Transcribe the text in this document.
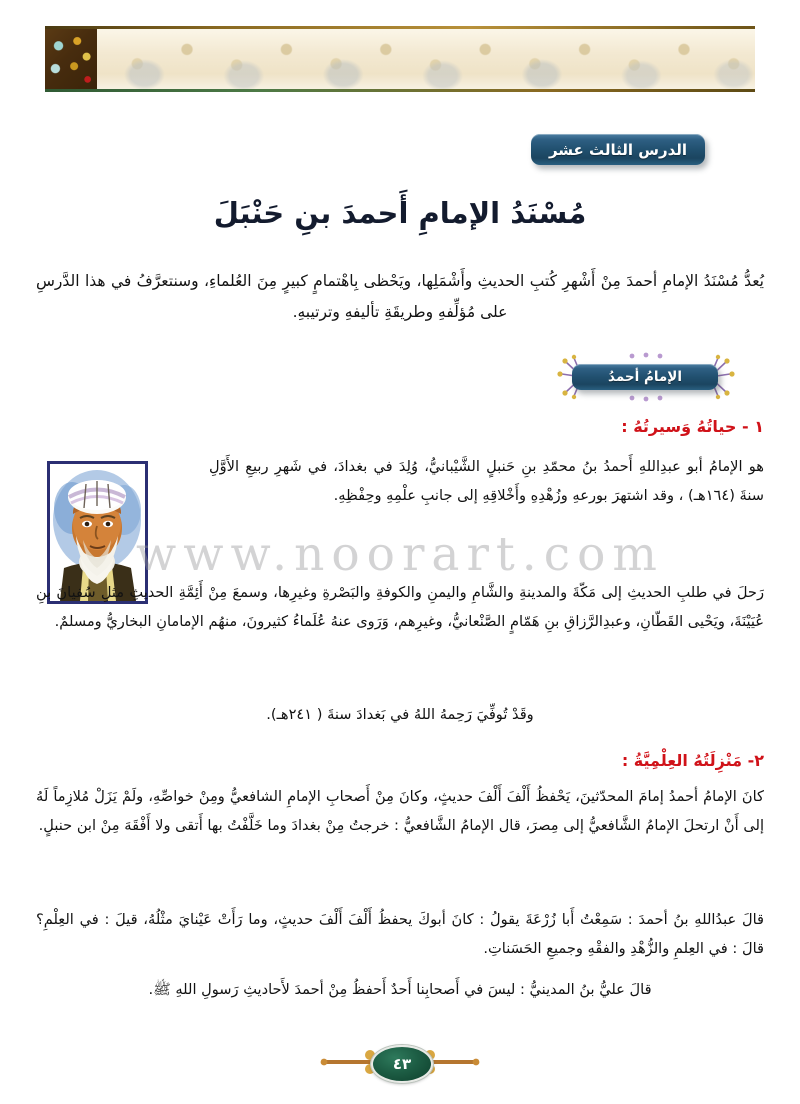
الدرس الثالث عشر
مُسْنَدُ الإمامِ أَحمدَ بنِ حَنْبَلَ
يُعدُّ مُسْنَدُ الإمامِ أحمدَ مِنْ أَشْهرِ كُتبِ الحديثِ وأَشْمَلِها، ويَحْظى بِاهْتمامٍ كبيرٍ مِنَ العُلماءِ، وسنتعرَّفُ في هذا الدَّرسِ على مُؤلِّفهِ وطريقَةِ تأليفهِ وترتيبهِ.
الإمامُ أحمدُ
١ - حياتُهُ وَسيرتُهُ :
هو الإمامُ أبو عبدِاللهِ أَحمدُ بنُ محمّدِ بنِ حَنبلٍ الشَّيْبانيُّ، وُلِدَ في بغدادَ، في شَهرِ ربيعِ الأَوَّلِ سنةَ (١٦٤هـ) ، وقد اشتهرَ بورعهِ وزُهْدِهِ وأَخْلاقِهِ إلى جانبِ علْمِهِ وحِفْظِهِ.
رَحلَ في طلبِ الحديثِ إلى مَكّةَ والمدينةِ والشَّامِ واليمنِ والكوفةِ والبَصْرةِ وغيرِها، وسمعَ مِنْ أَئِمَّةِ الحديثِ مثلِ سُفيانَ بنِ عُيَيْنَةَ، ويَحْيى القَطّانِ، وعبدِالرَّزاقِ بنِ هَمّامٍ الصَّنْعانيُّ، وغيرِهم، وَرَوى عنهُ عُلَماءُ كثيرونَ، منهُم الإمامانِ البخاريُّ ومسلمٌ.
وقَدْ تُوفِّيَ رَحِمهُ اللهُ في بَغدادَ سنةَ ( ٢٤١هـ).
٢- مَنْزِلَتُهُ العِلْمِيَّةُ :
كانَ الإمامُ أحمدُ إمامَ المحدّثينَ، يَحْفظُ أَلْفَ أَلْفَ حديثٍ، وكانَ مِنْ أَصحابِ الإمامِ الشافعيُّ ومِنْ خواصِّهِ، ولَمْ يَزَلْ مُلازِماً لَهُ إلى أَنْ ارتحلَ الإمامُ الشَّافعيُّ إلى مِصرَ، قال الإمامُ الشَّافعيُّ : خرجتُ مِنْ بغدادَ وما خَلَّفْتُ بها أَتقى ولا أَفْقَهَ مِنْ ابن حنبلٍ.
قالَ عبدُاللهِ بنُ أحمدَ : سَمِعْتُ أَبا زُرْعَةَ يقولُ : كانَ أبوكَ يحفظُ أَلْفَ أَلْفَ حديثٍ، وما رَأَتْ عَيْنايَ مثْلُهُ، قيلَ : في العِلْمِ؟ قالَ : في العِلمِ والزُّهْدِ والفقْهِ وجميعِ الحَسَناتِ.
قالَ عليُّ بنُ المدينيُّ : ليسَ في أَصحابِنا أَحدٌ أَحفظُ مِنْ أحمدَ لأَحاديثِ رَسولِ اللهِ ﷺ.
www.noorart.com
٤٣
